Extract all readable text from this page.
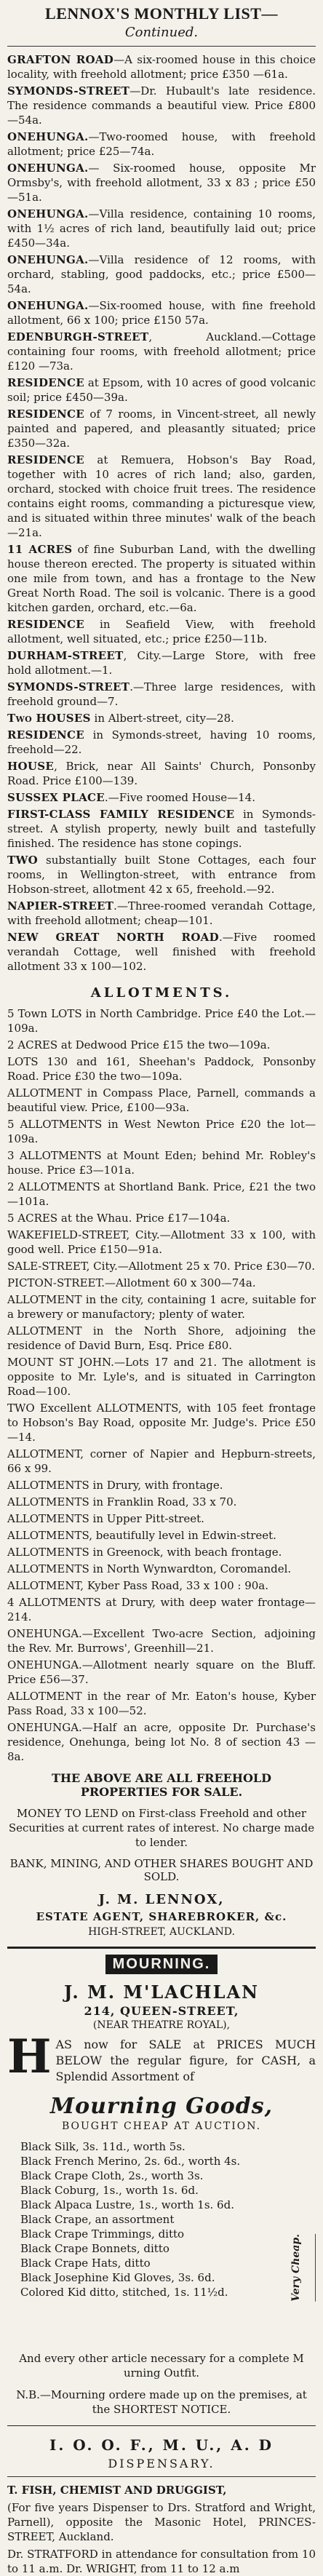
LENNOX'S MONTHLY LIST—
Continued.

GRAFTON ROAD—A six-roomed house in this choice locality, with freehold allotment; price £350 —61a.

SYMONDS-STREET—Dr. Hubault's late residence. The residence commands a beautiful view. Price £800—54a.

ONEHUNGA.—Two-roomed house, with freehold allotment; price £25—74a.

ONEHUNGA.— Six-roomed house, opposite Mr Ormsby's, with freehold allotment, 33 x 83 ; price £50—51a.

ONEHUNGA.—Villa residence, containing 10 rooms, with 1½ acres of rich land, beautifully laid out; price £450—34a.

ONEHUNGA.—Villa residence of 12 rooms, with orchard, stabling, good paddocks, etc.; price £500—54a.

ONEHUNGA.—Six-roomed house, with fine freehold allotment, 66 x 100; price £150 57a.

EDENBURGH-STREET, Auckland.—Cottage containing four rooms, with freehold allotment; price £120 —73a.

RESIDENCE at Epsom, with 10 acres of good volcanic soil; price £450—39a.

RESIDENCE of 7 rooms, in Vincent-street, all newly painted and papered, and pleasantly situated; price £350—32a.

RESIDENCE at Remuera, Hobson's Bay Road, together with 10 acres of rich land; also, garden, orchard, stocked with choice fruit trees. The residence contains eight rooms, commanding a picturesque view, and is situated within three minutes' walk of the beach—21a.

11 ACRES of fine Suburban Land, with the dwelling house thereon erected. The property is situated within one mile from town, and has a frontage to the New Great North Road. The soil is volcanic. There is a good kitchen garden, orchard, etc.—6a.

RESIDENCE in Seafield View, with freehold allotment, well situated, etc.; price £250—11b.

DURHAM-STREET, City.—Large Store, with free hold allotment.—1.

SYMONDS-STREET.—Three large residences, with freehold ground—7.

Two HOUSES in Albert-street, city—28.

RESIDENCE in Symonds-street, having 10 rooms, freehold—22.

HOUSE, Brick, near All Saints' Church, Ponsonby Road. Price £100—139.

SUSSEX PLACE.—Five roomed House—14.

FIRST-CLASS FAMILY RESIDENCE in Symonds-street. A stylish property, newly built and tastefully finished. The residence has stone copings.

TWO substantially built Stone Cottages, each four rooms, in Wellington-street, with entrance from Hobson-street, allotment 42 x 65, freehold.—92.

NAPIER-STREET.—Three-roomed verandah Cottage, with freehold allotment; cheap—101.

NEW GREAT NORTH ROAD.—Five roomed verandah Cottage, well finished with freehold allotment 33 x 100—102.

ALLOTMENTS.

5 Town LOTS in North Cambridge. Price £40 the Lot.—109a.

2 ACRES at Dedwood Price £15 the two—109a.

LOTS 130 and 161, Sheehan's Paddock, Ponsonby Road. Price £30 the two—109a.

ALLOTMENT in Compass Place, Parnell, commands a beautiful view. Price, £100—93a.

5 ALLOTMENTS in West Newton Price £20 the lot—109a.

3 ALLOTMENTS at Mount Eden; behind Mr. Robley's house. Price £3—101a.

2 ALLOTMENTS at Shortland Bank. Price, £21 the two—101a.

5 ACRES at the Whau. Price £17—104a.

WAKEFIELD-STREET, City.—Allotment 33 x 100, with good well. Price £150—91a.

SALE-STREET, City.—Allotment 25 x 70. Price £30—70.

PICTON-STREET.—Allotment 60 x 300—74a.

ALLOTMENT in the city, containing 1 acre, suitable for a brewery or manufactory; plenty of water.

ALLOTMENT in the North Shore, adjoining the residence of David Burn, Esq. Price £80.

MOUNT ST JOHN.—Lots 17 and 21. The allotment is opposite to Mr. Lyle's, and is situated in Carrington Road—100.

TWO Excellent ALLOTMENTS, with 105 feet frontage to Hobson's Bay Road, opposite Mr. Judge's. Price £50—14.

ALLOTMENT, corner of Napier and Hepburn-streets, 66 x 99.

ALLOTMENTS in Drury, with frontage.

ALLOTMENTS in Franklin Road, 33 x 70.

ALLOTMENTS in Upper Pitt-street.

ALLOTMENTS, beautifully level in Edwin-street.

ALLOTMENTS in Greenock, with beach frontage.

ALLOTMENTS in North Wynwardton, Coromandel.

ALLOTMENT, Kyber Pass Road, 33 x 100 : 90a.

4 ALLOTMENTS at Drury, with deep water frontage—214.

ONEHUNGA.—Excellent Two-acre Section, adjoining the Rev. Mr. Burrows', Greenhill—21.

ONEHUNGA.—Allotment nearly square on the Bluff. Price £56—37.

ALLOTMENT in the rear of Mr. Eaton's house, Kyber Pass Road, 33 x 100—52.

ONEHUNGA.—Half an acre, opposite Dr. Purchase's residence, Onehunga, being lot No. 8 of section 43 —8a.

THE ABOVE ARE ALL FREEHOLD PROPERTIES FOR SALE.
MONEY TO LEND on First-class Freehold and other Securities at current rates of interest. No charge made to lender.
BANK, MINING, AND OTHER SHARES BOUGHT AND SOLD.
J. M. LENNOX,
ESTATE AGENT, SHAREBROKER, &c.
HIGH-STREET, AUCKLAND.
MOURNING.
J. M. M'LACHLAN
214, QUEEN-STREET,
(NEAR THEATRE ROYAL),
H AS now for SALE at PRICES MUCH BELOW the regular figure, for CASH, a Splendid Assortment of
Mourning Goods,
BOUGHT CHEAP AT AUCTION.
Black Silk, 3s. 11d., worth 5s.
Black French Merino, 2s. 6d., worth 4s.
Black Crape Cloth, 2s., worth 3s.
Black Coburg, 1s., worth 1s. 6d.
Black Alpaca Lustre, 1s., worth 1s. 6d.
Black Crape, an assortment
Black Crape Trimmings, ditto
Black Crape Bonnets, ditto
Black Crape Hats, ditto
Black Josephine Kid Gloves, 3s. 6d.
Colored Kid ditto, stitched, 1s. 11½d.	Very Cheap.
And every other article necessary for a complete M urning Outfit.
N.B.—Mourning ordere made up on the premises, at the SHORTEST NOTICE.
I. O. O. F., M. U., A. D
DISPENSARY.
T. FISH, CHEMIST AND DRUGGIST,
(For five years Dispenser to Drs. Stratford and Wright, Parnell), opposite the Masonic Hotel, PRINCES-STREET, Auckland.
Dr. STRATFORD in attendance for consultation from 10 to 11 a.m. Dr. WRIGHT, from 11 to 12 a.m
